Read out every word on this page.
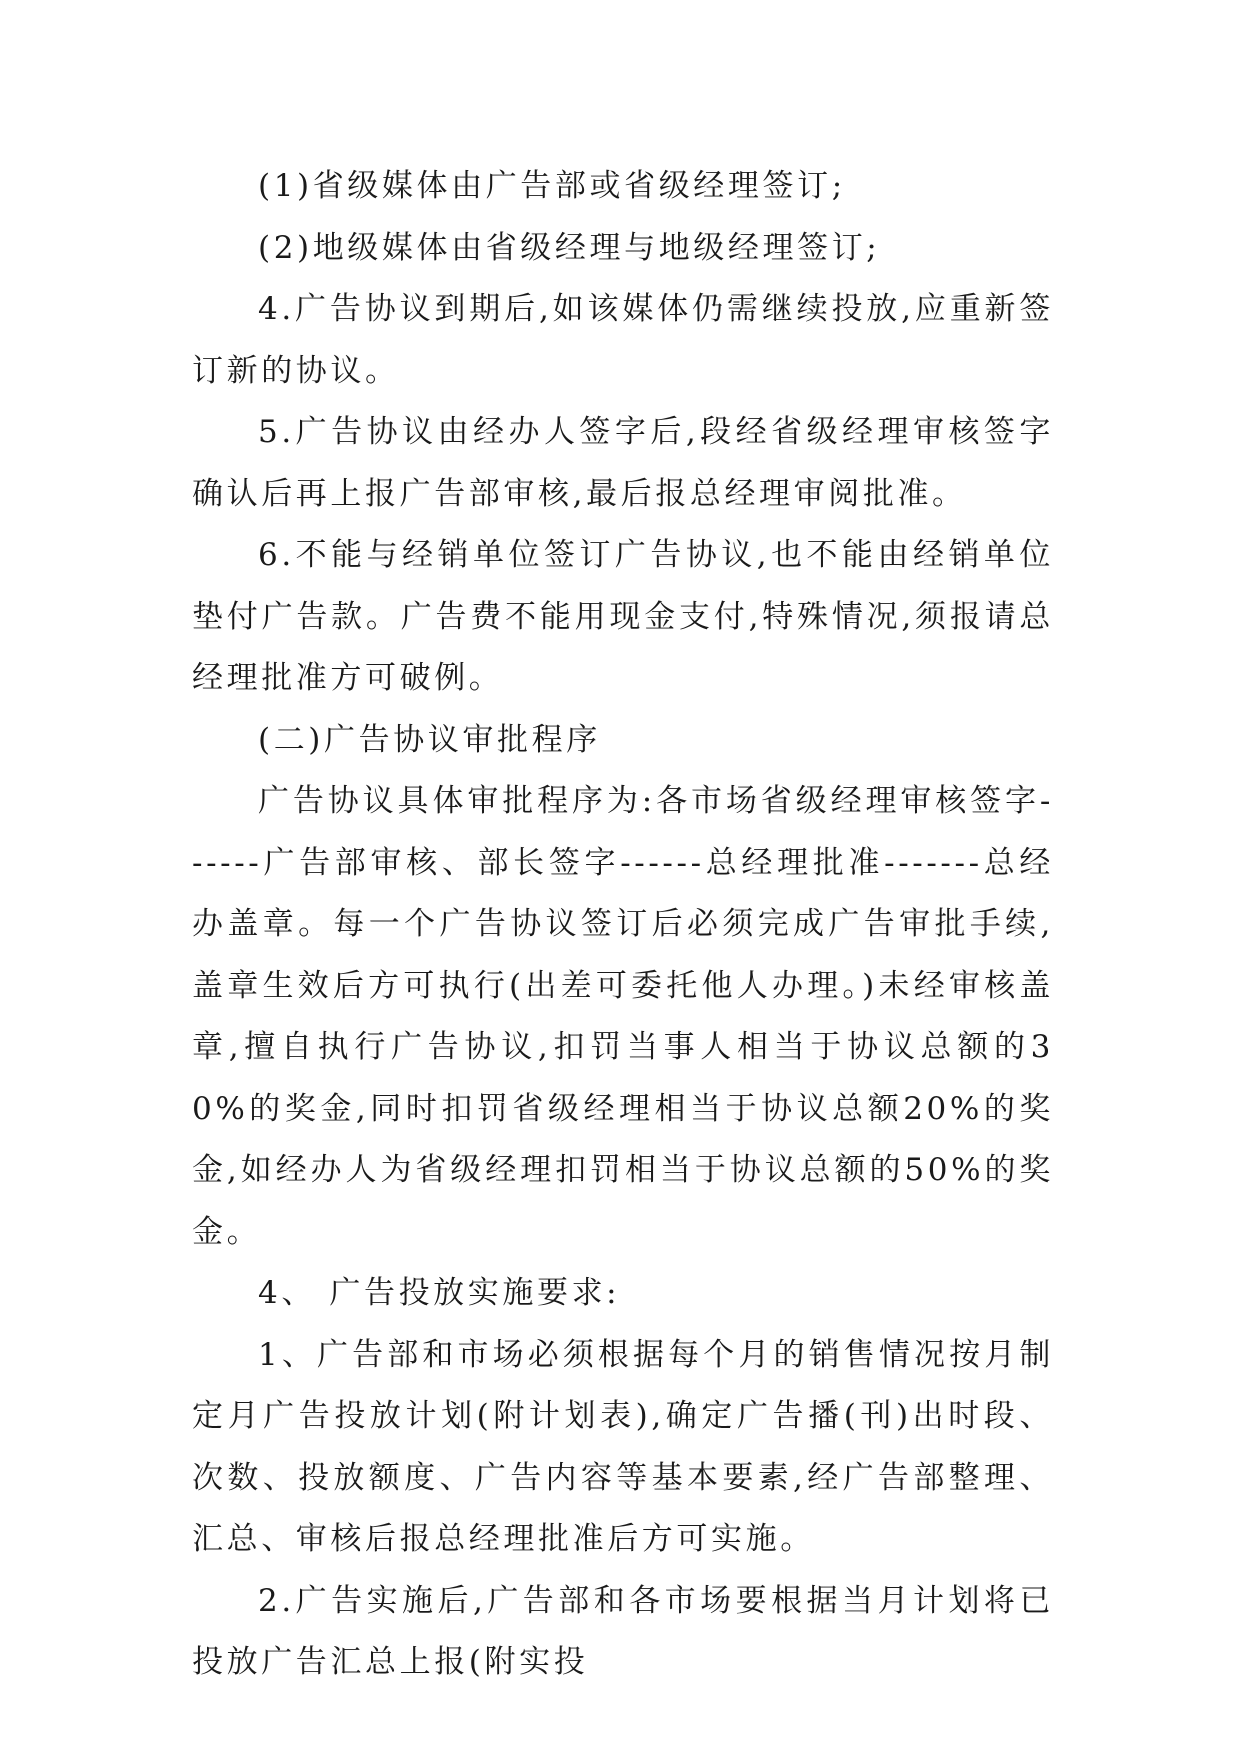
(1)省级媒体由广告部或省级经理签订;

(2)地级媒体由省级经理与地级经理签订;

4.广告协议到期后,如该媒体仍需继续投放,应重新签订新的协议。

5.广告协议由经办人签字后,段经省级经理审核签字确认后再上报广告部审核,最后报总经理审阅批准。

6.不能与经销单位签订广告协议,也不能由经销单位垫付广告款。广告费不能用现金支付,特殊情况,须报请总经理批准方可破例。

(二)广告协议审批程序

广告协议具体审批程序为:各市场省级经理审核签字------广告部审核、部长签字------总经理批准-------总经办盖章。每一个广告协议签订后必须完成广告审批手续,盖章生效后方可执行(出差可委托他人办理。)未经审核盖章,擅自执行广告协议,扣罚当事人相当于协议总额的30%的奖金,同时扣罚省级经理相当于协议总额20%的奖金,如经办人为省级经理扣罚相当于协议总额的50%的奖金。

4、 广告投放实施要求:

1、广告部和市场必须根据每个月的销售情况按月制定月广告投放计划(附计划表),确定广告播(刊)出时段、次数、投放额度、广告内容等基本要素,经广告部整理、汇总、审核后报总经理批准后方可实施。

2.广告实施后,广告部和各市场要根据当月计划将已投放广告汇总上报(附实投
